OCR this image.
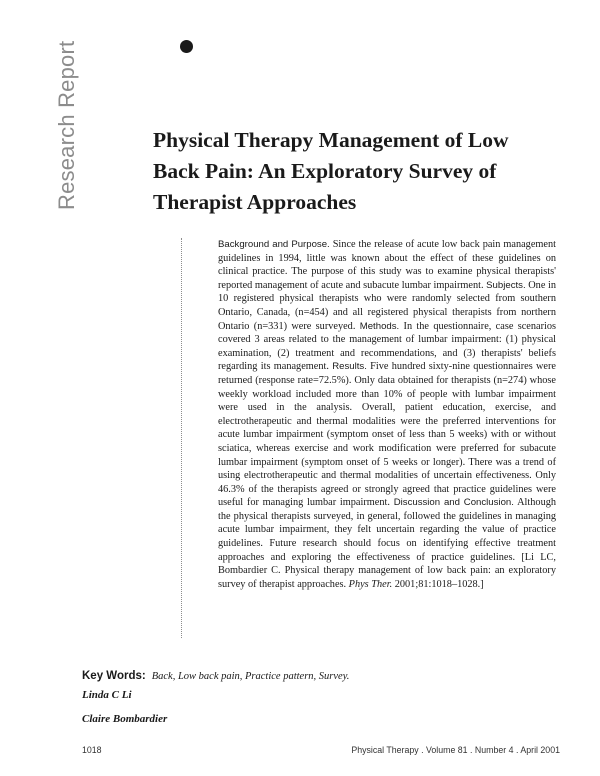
Research Report	Physical Therapy Management of Low
Back Pain: An Exploratory Survey of
Therapist Approaches

Background and Purpose. Since the release of acute low back pain management guidelines in 1994, little was known about the effect of these guidelines on clinical practice. The purpose of this study was to examine physical therapists' reported management of acute and subacute lumbar impairment. Subjects. One in 10 registered physical therapists who were randomly selected from southern Ontario, Canada, (n=454) and all registered physical therapists from northern Ontario (n=331) were surveyed. Methods. In the questionnaire, case scenarios covered 3 areas related to the management of lumbar impairment: (1) physical examination, (2) treatment and recommendations, and (3) therapists' beliefs regarding its management. Results. Five hundred sixty-nine questionnaires were returned (response rate=72.5%). Only data obtained for therapists (n=274) whose weekly workload included more than 10% of people with lumbar impairment were used in the analysis. Overall, patient education, exercise, and electrotherapeutic and thermal modalities were the preferred interventions for acute lumbar impairment (symptom onset of less than 5 weeks) with or without sciatica, whereas exercise and work modification were preferred for subacute lumbar impairment (symptom onset of 5 weeks or longer). There was a trend of using electrotherapeutic and thermal modalities of uncertain effectiveness. Only 46.3% of the therapists agreed or strongly agreed that practice guidelines were useful for managing lumbar impairment. Discussion and Conclusion. Although the physical therapists surveyed, in general, followed the guidelines in managing acute lumbar impairment, they felt uncertain regarding the value of practice guidelines. Future research should focus on identifying effective treatment approaches and exploring the effectiveness of practice guidelines. [Li LC, Bombardier C. Physical therapy management of low back pain: an exploratory survey of therapist approaches. Phys Ther. 2001;81:1018–1028.]

Key Words: Back, Low back pain, Practice pattern, Survey.
Linda C Li
Claire Bombardier
1018	Physical Therapy . Volume 81 . Number 4 . April 2001
